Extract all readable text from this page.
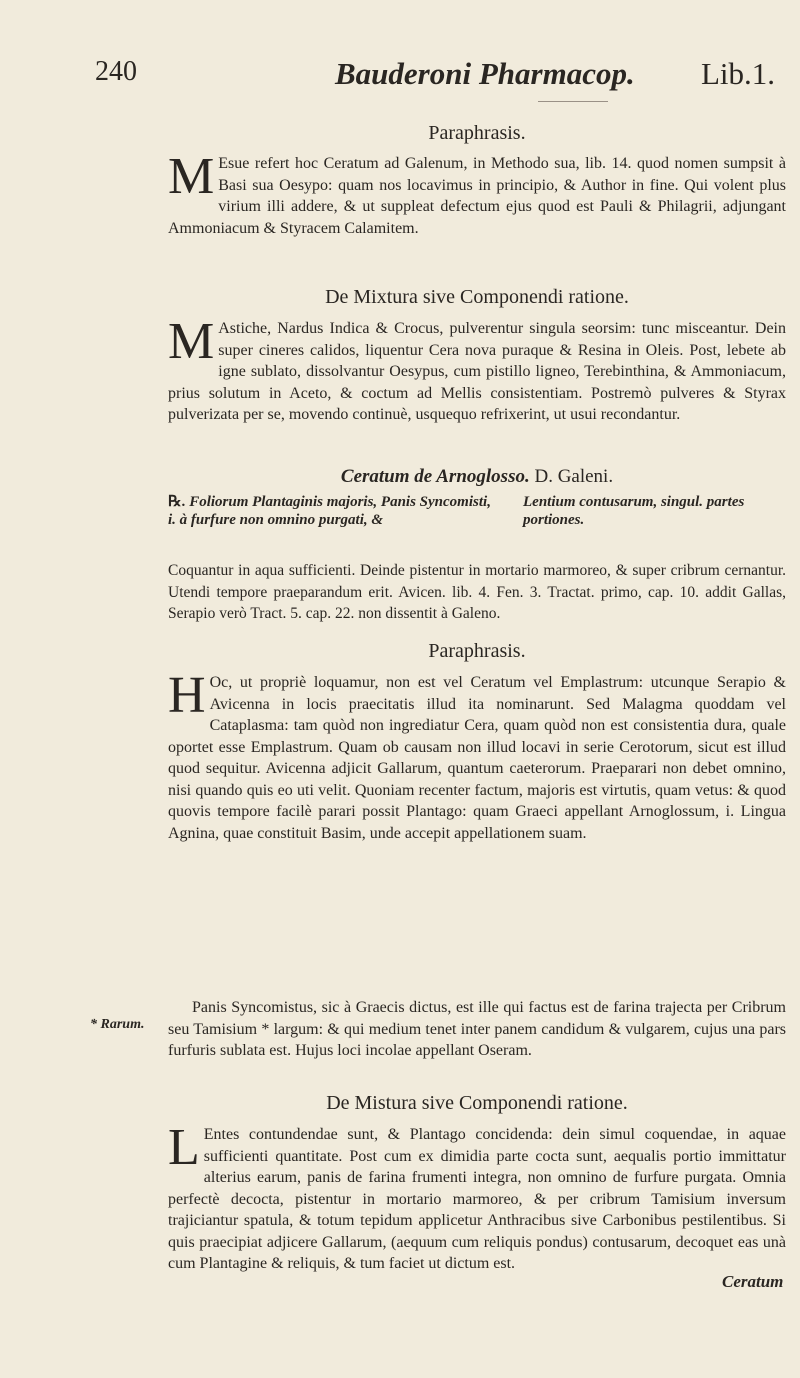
240	Bauderoni Pharmacop. Lib.1.
Paraphrasis.
M Esue refert hoc Ceratum ad Galenum, in Methodo sua, lib. 14. quod nomen sumpsit à Basi sua Oesypo: quam nos locavimus in principio, & Author in fine. Qui volent plus virium illi addere, & ut suppleat defectum ejus quod est Pauli & Philagrii, adjungant Ammoniacum & Styracem Calamitem.
De Mixtura sive Componendi ratione.
M Astiche, Nardus Indica & Crocus, pulverentur singula seorsim: tunc misceantur. Dein super cineres calidos, liquentur Cera nova puraque & Resina in Oleis. Post, lebete ab igne sublato, dissolvantur Oesypus, cum pistillo ligneo, Terebinthina, & Ammoniacum, prius solutum in Aceto, & coctum ad Mellis consistentiam. Postremò pulveres & Styrax pulverizata per se, movendo continuè, usquequo refrixerint, ut usui recondantur.
Ceratum de Arnoglosso. D. Galeni.
℞. Foliorum Plantaginis majoris, Panis Syncomisti, i. à furfure non omnino purgati, &
Lentium contusarum, singul. partes portiones.
Coquantur in aqua sufficienti. Deinde pistentur in mortario marmoreo, & super cribrum cernantur. Utendi tempore praeparandum erit. Avicen. lib. 4. Fen. 3. Tractat. primo, cap. 10. addit Gallas, Serapio verò Tract. 5. cap. 22. non dissentit à Galeno.
Paraphrasis.
H Oc, ut propriè loquamur, non est vel Ceratum vel Emplastrum: utcunque Serapio & Avicenna in locis praecitatis illud ita nominarunt. Sed Malagma quoddam vel Cataplasma: tam quòd non ingrediatur Cera, quam quòd non est consistentia dura, quale oportet esse Emplastrum. Quam ob causam non illud locavi in serie Cerotorum, sicut est illud quod sequitur. Avicenna adjicit Gallarum, quantum caeterorum. Praeparari non debet omnino, nisi quando quis eo uti velit. Quoniam recenter factum, majoris est virtutis, quam vetus: & quod quovis tempore facilè parari possit Plantago: quam Graeci appellant Arnoglossum, i. Lingua Agnina, quae constituit Basim, unde accepit appellationem suam.
Panis Syncomistus, sic à Graecis dictus, est ille qui factus est de farina trajecta per Cribrum seu Tamisium * largum: & qui medium tenet inter panem candidum & vulgarem, cujus una pars furfuris sublata est. Hujus loci incolae appellant Oseram.
* Rarum.
De Mistura sive Componendi ratione.
L Entes contundendae sunt, & Plantago concidenda: dein simul coquendae, in aquae sufficienti quantitate. Post cum ex dimidia parte cocta sunt, aequalis portio immittatur alterius earum, panis de farina frumenti integra, non omnino de furfure purgata. Omnia perfectè decocta, pistentur in mortario marmoreo, & per cribrum Tamisium inversum trajiciantur spatula, & totum tepidum applicetur Anthracibus sive Carbonibus pestilentibus. Si quis praecipiat adjicere Gallarum, (aequum cum reliquis pondus) contusarum, decoquet eas unà cum Plantagine & reliquis, & tum faciet ut dictum est.
Ceratum
